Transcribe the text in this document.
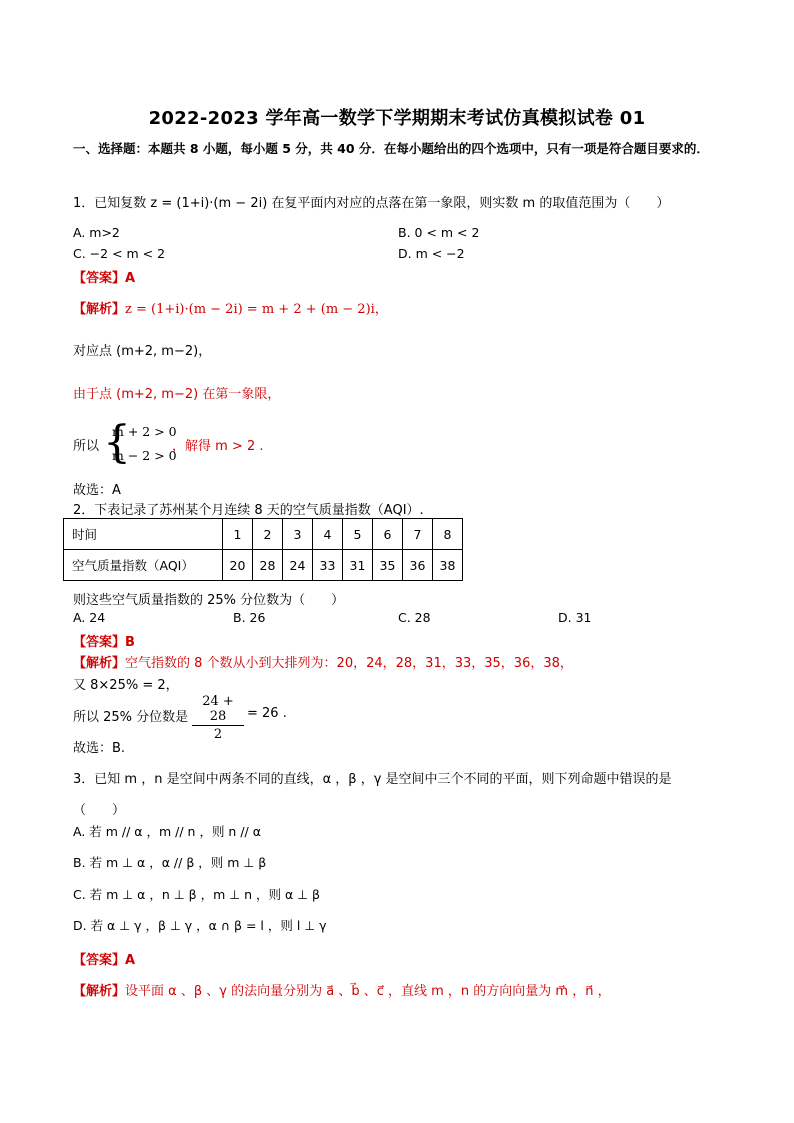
2022-2023 学年高一数学下学期期末考试仿真模拟试卷 01
一、选择题：本题共 8 小题，每小题 5 分，共 40 分．在每小题给出的四个选项中，只有一项是符合题目要求的．
1．已知复数 z = (1+i)·(m − 2i) 在复平面内对应的点落在第一象限，则实数 m 的取值范围为（　　）
A. m>2	B. 0 < m < 2
C. −2 < m < 2	D. m < −2
【答案】A
【解析】z = (1+i)·(m − 2i) = m + 2 + (m − 2)i，
对应点 (m+2, m−2)，
由于点 (m+2, m−2) 在第一象限，
所以 {
m + 2 > 0
m − 2 > 0
，解得 m > 2 .
故选：A
2．下表记录了苏州某个月连续 8 天的空气质量指数（AQI）.
时间	1	2	3	4	5	6	7	8
空气质量指数（AQI）	20	28	24	33	31	35	36	38
则这些空气质量指数的 25% 分位数为（　　）
A. 24	B. 26	C. 28	D. 31
【答案】B
【解析】空气指数的 8 个数从小到大排列为：20，24，28，31，33，35，36，38，
又 8×25% = 2，
所以 25% 分位数是
24 + 28
2
= 26 .
故选：B.
3．已知 m ，n 是空间中两条不同的直线，α ，β ，γ 是空间中三个不同的平面，则下列命题中错误的是
（　　）
A. 若 m // α ，m // n ，则 n // α
B. 若 m ⊥ α ，α // β ，则 m ⊥ β
C. 若 m ⊥ α ，n ⊥ β ，m ⊥ n ，则 α ⊥ β
D. 若 α ⊥ γ ，β ⊥ γ ，α ∩ β = l ，则 l ⊥ γ
【答案】A
【解析】设平面 α 、β 、γ 的法向量分别为 a⃗ 、b⃗ 、c⃗ ，直线 m ，n 的方向向量为 m⃗ ，n⃗ ，
